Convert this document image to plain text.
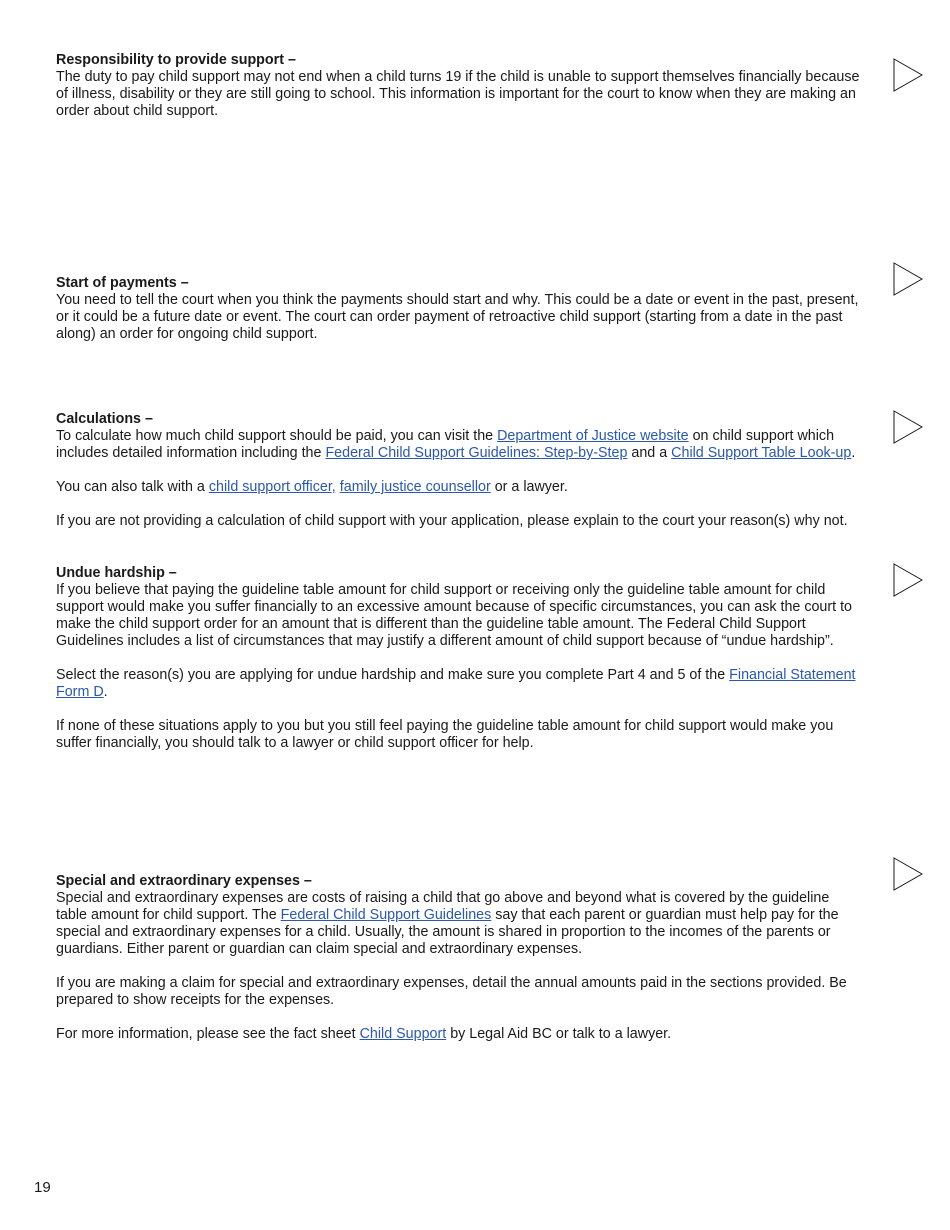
Responsibility to provide support –

The duty to pay child support may not end when a child turns 19 if the child is unable to support themselves financially because of illness, disability or they are still going to school. This information is important for the court to know when they are making an order about child support.

Start of payments –

You need to tell the court when you think the payments should start and why. This could be a date or event in the past, present, or it could be a future date or event. The court can order payment of retroactive child support (starting from a date in the past along) an order for ongoing child support.

Calculations –

To calculate how much child support should be paid, you can visit the Department of Justice website on child support which includes detailed information including the Federal Child Support Guidelines: Step-by-Step and a Child Support Table Look-up.

You can also talk with a child support officer, family justice counsellor or a lawyer.

If you are not providing a calculation of child support with your application, please explain to the court your reason(s) why not.

Undue hardship –

If you believe that paying the guideline table amount for child support or receiving only the guideline table amount for child support would make you suffer financially to an excessive amount because of specific circumstances, you can ask the court to make the child support order for an amount that is different than the guideline table amount. The Federal Child Support Guidelines includes a list of circumstances that may justify a different amount of child support because of “undue hardship”.

Select the reason(s) you are applying for undue hardship and make sure you complete Part 4 and 5 of the Financial Statement Form D.

If none of these situations apply to you but you still feel paying the guideline table amount for child support would make you suffer financially, you should talk to a lawyer or child support officer for help.

Special and extraordinary expenses –

Special and extraordinary expenses are costs of raising a child that go above and beyond what is covered by the guideline table amount for child support. The Federal Child Support Guidelines say that each parent or guardian must help pay for the special and extraordinary expenses for a child. Usually, the amount is shared in proportion to the incomes of the parents or guardians. Either parent or guardian can claim special and extraordinary expenses.

If you are making a claim for special and extraordinary expenses, detail the annual amounts paid in the sections provided. Be prepared to show receipts for the expenses.

For more information, please see the fact sheet Child Support by Legal Aid BC or talk to a lawyer.

19
